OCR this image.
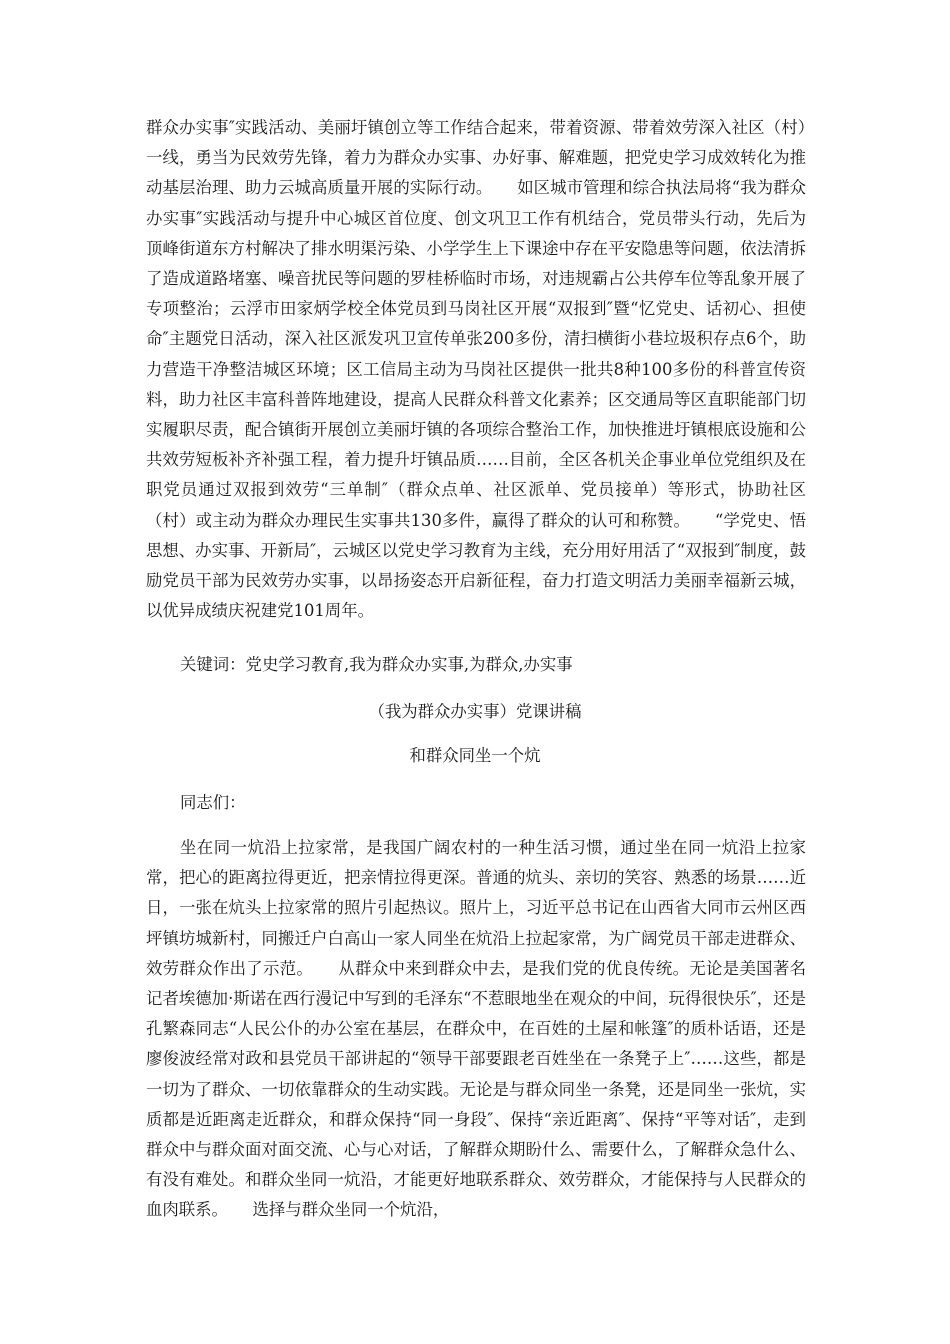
群众办实事″实践活动、美丽圩镇创立等工作结合起来，带着资源、带着效劳深入社区（村）一线，勇当为民效劳先锋，着力为群众办实事、办好事、解难题，把党史学习成效转化为推动基层治理、助力云城高质量开展的实际行动。　　如区城市管理和综合执法局将“我为群众办实事″实践活动与提升中心城区首位度、创文巩卫工作有机结合，党员带头行动，先后为顶峰街道东方村解决了排水明渠污染、小学学生上下课途中存在平安隐患等问题，依法清拆了造成道路堵塞、噪音扰民等问题的罗桂桥临时市场，对违规霸占公共停车位等乱象开展了专项整治；云浮市田家炳学校全体党员到马岗社区开展“双报到″暨“忆党史、话初心、担使命″主题党日活动，深入社区派发巩卫宣传单张200多份，清扫横街小巷垃圾积存点6个，助力营造干净整洁城区环境；区工信局主动为马岗社区提供一批共8种100多份的科普宣传资料，助力社区丰富科普阵地建设，提高人民群众科普文化素养；区交通局等区直职能部门切实履职尽责，配合镇街开展创立美丽圩镇的各项综合整治工作，加快推进圩镇根底设施和公共效劳短板补齐补强工程，着力提升圩镇品质……目前，全区各机关企事业单位党组织及在职党员通过双报到效劳“三单制″（群众点单、社区派单、党员接单）等形式，协助社区（村）或主动为群众办理民生实事共130多件，赢得了群众的认可和称赞。　　“学党史、悟思想、办实事、开新局″，云城区以党史学习教育为主线，充分用好用活了“双报到″制度，鼓励党员干部为民效劳办实事，以昂扬姿态开启新征程，奋力打造文明活力美丽幸福新云城，以优异成绩庆祝建党101周年。
关键词：党史学习教育,我为群众办实事,为群众,办实事
（我为群众办实事）党课讲稿
和群众同坐一个炕
同志们：
　　坐在同一炕沿上拉家常，是我国广阔农村的一种生活习惯，通过坐在同一炕沿上拉家常，把心的距离拉得更近，把亲情拉得更深。普通的炕头、亲切的笑容、熟悉的场景……近日，一张在炕头上拉家常的照片引起热议。照片上，习近平总书记在山西省大同市云州区西坪镇坊城新村，同搬迁户白高山一家人同坐在炕沿上拉起家常，为广阔党员干部走进群众、效劳群众作出了示范。　　从群众中来到群众中去，是我们党的优良传统。无论是美国著名记者埃德加·斯诺在西行漫记中写到的毛泽东“不惹眼地坐在观众的中间，玩得很快乐″，还是孔繁森同志“人民公仆的办公室在基层，在群众中，在百姓的土屋和帐篷″的质朴话语，还是廖俊波经常对政和县党员干部讲起的“领导干部要跟老百姓坐在一条凳子上″……这些，都是一切为了群众、一切依靠群众的生动实践。无论是与群众同坐一条凳，还是同坐一张炕，实质都是近距离走近群众，和群众保持“同一身段″、保持“亲近距离″、保持“平等对话″，走到群众中与群众面对面交流、心与心对话，了解群众期盼什么、需要什么，了解群众急什么、有没有难处。和群众坐同一炕沿，才能更好地联系群众、效劳群众，才能保持与人民群众的血肉联系。　　选择与群众坐同一个炕沿，
